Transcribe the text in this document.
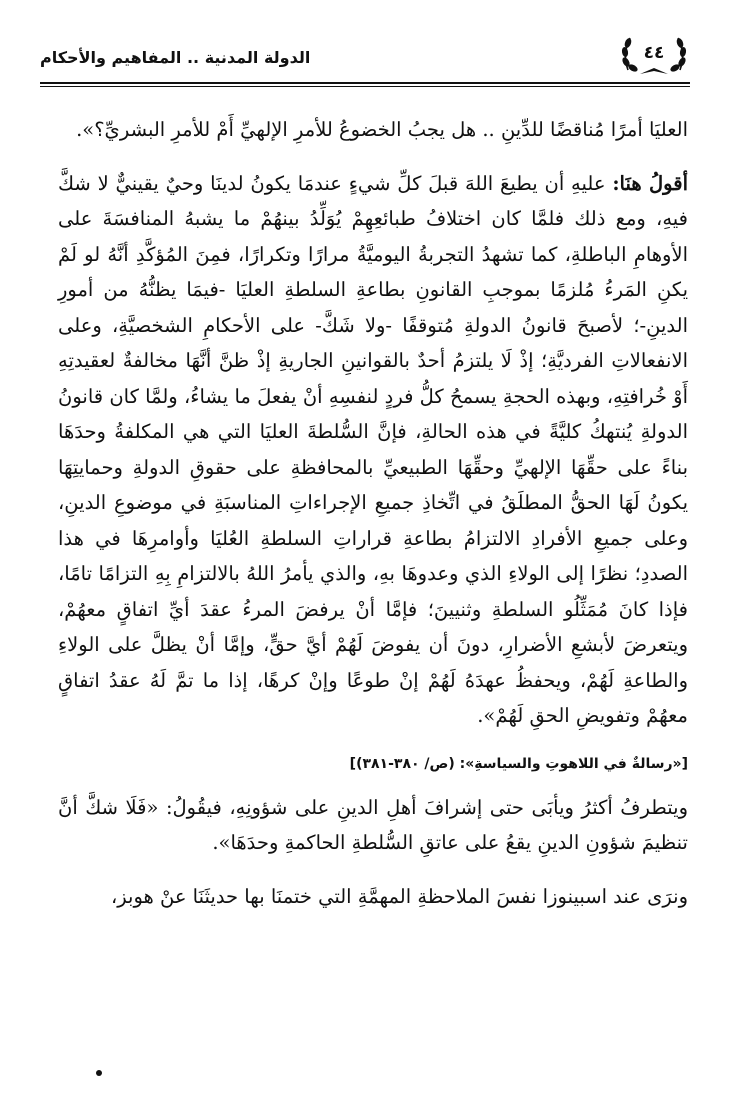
٤٤
الدولة المدنية .. المفاهيم والأحكام

العليَا أمرًا مُناقضًا للدِّينِ .. هل يجبُ الخضوعُ للأمرِ الإلهيِّ أَمْ للأمرِ البشريِّ؟».

أقولُ هنَا: عليهِ أن يطيعَ اللهَ قبلَ كلِّ شيءٍ عندمَا يكونُ لدينَا وحيٌ يقينيٌّ لا شكَّ فيهِ، ومع ذلك فلمَّا كان اختلافُ طبائعِهِمْ يُوَلِّدُ بينهُمْ ما يشبهُ المنافسَةَ على الأوهامِ الباطلةِ، كما تشهدُ التجربةُ اليوميَّةُ مرارًا وتكرارًا، فمِنَ المُؤكَّدِ أنَّهُ لو لَمْ يكنِ المَرءُ مُلزمًا بموجبِ القانونِ بطاعةِ السلطةِ العليَا -فيمَا يظنُّهُ من أمورِ الدينِ-؛ لأصبحَ قانونُ الدولةِ مُتوقفًا -ولا شَكَّ- على الأحكامِ الشخصيَّةِ، وعلى الانفعالاتِ الفرديَّةِ؛ إذْ لَا يلتزمُ أحدٌ بالقوانينِ الجاريةِ إذْ ظنَّ أنَّهَا مخالفةٌ لعقيدتِهِ أَوْ خُرافتِهِ، وبهذه الحجةِ يسمحُ كلُّ فردٍ لنفسِهِ أنْ يفعلَ ما يشاءُ، ولمَّا كان قانونُ الدولةِ يُنتهكُ كليَّةً في هذه الحالةِ، فإنَّ السُّلطةَ العليَا التي هي المكلفةُ وحدَهَا بناءً على حقِّهَا الإلهيِّ وحقِّهَا الطبيعيِّ بالمحافظةِ على حقوقِ الدولةِ وحمايتِهَا يكونُ لَهَا الحقُّ المطلَقُ في اتِّخاذِ جميعِ الإجراءاتِ المناسبَةِ في موضوعِ الدينِ، وعلى جميعِ الأفرادِ الالتزامُ بطاعةِ قراراتِ السلطةِ العُليَا وأوامرِهَا في هذا الصددِ؛ نظرًا إلى الولاءِ الذي وعدوهَا بهِ، والذي يأمرُ اللهُ بالالتزامِ بِهِ التزامًا تامًا، فإذا كانَ مُمَثِّلُو السلطةِ وثنيينَ؛ فإمَّا أنْ يرفضَ المرءُ عقدَ أيِّ اتفاقٍ معهُمْ، ويتعرضَ لأبشعِ الأضرارِ، دونَ أن يفوضَ لَهُمْ أيَّ حقٍّ، وإمَّا أنْ يظلَّ على الولاءِ والطاعةِ لَهُمْ، ويحفظُ عهدَهُ لَهُمْ إنْ طوعًا وإنْ كرهًا، إذا ما تمَّ لَهُ عقدُ اتفاقٍ معهُمْ وتفويضِ الحقِ لَهُمْ».

[«رسالةٌ في اللاهوتِ والسياسةِ»: (ص/ ٣٨٠-٣٨١)]

ويتطرفُ أكثرُ ويأبَى حتى إشرافَ أهلِ الدينِ على شؤونِهِ، فيقُولُ: «فَلَا شكَّ أنَّ تنظيمَ شؤونِ الدينِ يقعُ على عاتقِ السُّلطةِ الحاكمةِ وحدَهَا».

ونرَى عند اسبينوزا نفسَ الملاحظةِ المهمَّةِ التي ختمنَا بها حديثَنَا عنْ هوبز،
